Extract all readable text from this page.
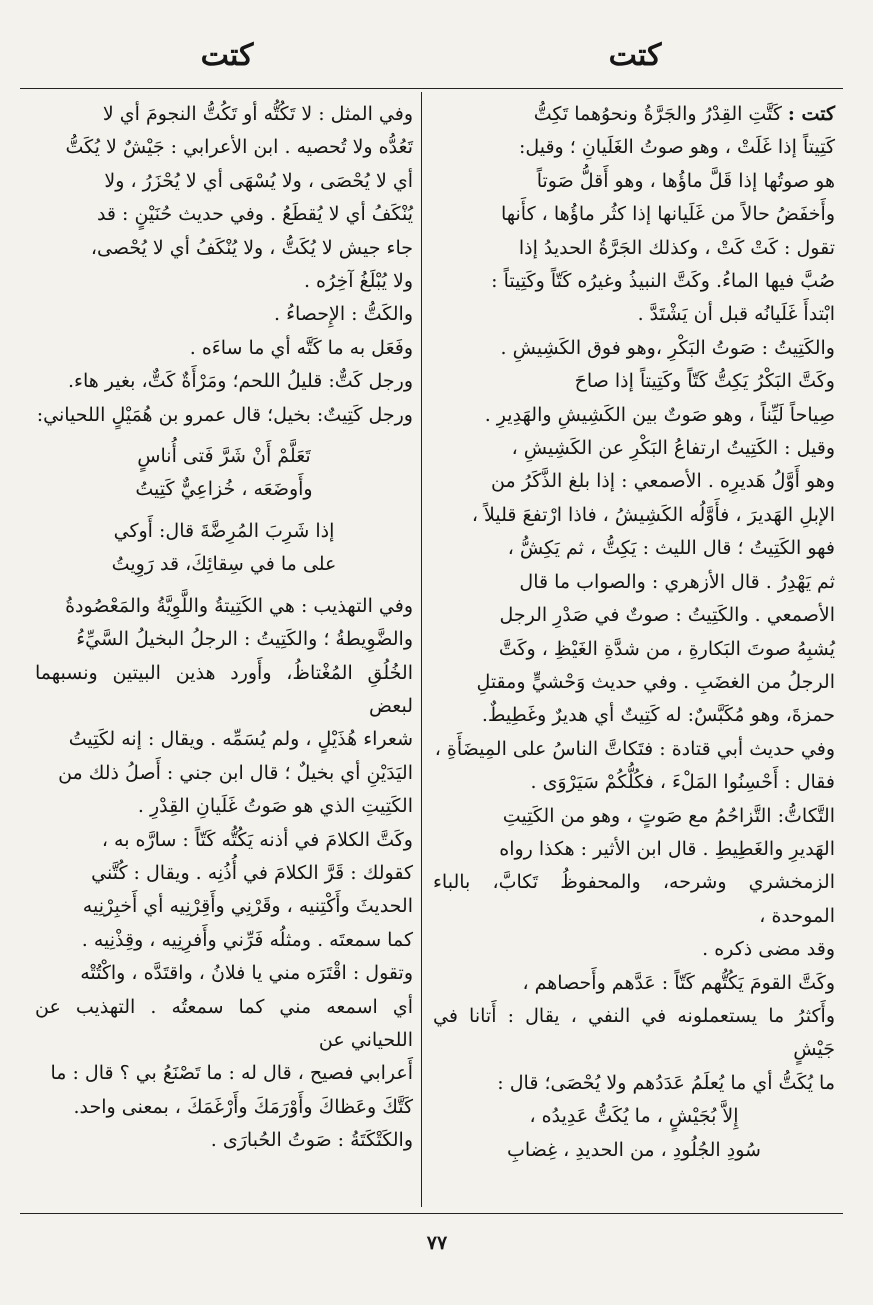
كتت
كتت

كتت : كَتَّتِ القِدْرُ والجَرَّةُ ونحوُهما تَكِتُّ

كَتِيتاً إذا غَلَتْ ، وهو صوتُ الغَلَيانِ ؛ وقيل:

هو صوتُها إذا قَلَّ ماؤُها ، وهو أَقلُّ صَوتاً

وأَخفَضُ حالاً من غَلَيانها إذا كثُر ماؤُها ، كأَنها

تقول : كَتْ كَتْ ، وكذلك الجَرَّةُ الحديدُ إذا

صُبَّ فيها الماءُ. وكَتَّ النبيذُ وغيرُه كَتّاً وكَتِيتاً :

ابْتدأَ غَلَيانُه قبل أن يَشْتَدَّ .

والكَتِيتُ : صَوتُ البَكْرِ ،وهو فوق الكَشِيشِ .

وكَتَّ البَكْرُ يَكِتُّ كَتّاً وكَتِيتاً إذا صاحَ

صِياحاً لَيِّناً ، وهو صَوتٌ بين الكَشِيشِ والهَدِيرِ .

وقيل : الكَتِيتُ ارتفاعُ البَكْرِ عن الكَشِيشِ ،

وهو أَوَّلُ هَديرِه . الأصمعي : إذا بلغ الذَّكَرُ من

الإبلِ الهَديرَ ، فأَوَّلُه الكَشِيشُ ، فاذا ارْتفعَ قليلاً ،

فهو الكَتِيتُ ؛ قال الليث : يَكِتُّ ، ثم يَكِشُّ ،

ثم يَهْدِرُ . قال الأزهري : والصواب ما قال

الأصمعي . والكَتِيتُ : صوتٌ في صَدْرِ الرجل

يُشبِهُ صوتَ البَكارةِ ، من شدَّةِ الغَيْظِ ، وكَتَّ

الرجلُ من الغضَبِ . وفي حديث وَحْشيٍّ ومقتلِ

حمزةَ، وهو مُكَبَّسٌ: له كَتِيتٌ أي هديرٌ وغَطِيطٌ.

وفي حديث أبي قتادة : فتَكاتَّ الناسُ على المِيضَأَةِ ،

فقال : أَحْسِنُوا المَلْءَ ، فكُلُّكُمْ سَيَرْوَى .

التَّكاتُّ: التَّزاحُمُ مع صَوتٍ ، وهو من الكَتِيتِ

الهَديرِ والغَطِيطِ . قال ابن الأثير : هكذا رواه

الزمخشري وشرحه، والمحفوظُ تَكابَّ، بالباء الموحدة ،

وقد مضى ذكره .

وكَتَّ القومَ يَكُتُّهم كَتّاً : عَدَّهم وأَحصاهم ،

وأَكثرُ ما يستعملونه في النفي ، يقال : أَتانا في جَيْشٍ

ما يُكَتُّ أي ما يُعلَمُ عَدَدُهم ولا يُحْصَى؛ قال :

إِلاَّ بُجَيْشٍ ، ما يُكَتُّ عَدِيدُه ،

سُودِ الجُلُودِ ، من الحديدِ ، غِضابِ

وفي المثل : لا تَكُتُّه أو تَكُتُّ النجومَ أي لا

تَعُدُّه ولا تُحصيه . ابن الأعرابي : جَيْشٌ لا يُكَتُّ

أي لا يُحْصَى ، ولا يُسْهَى أي لا يُحْزَرُ ، ولا

يُنْكَفُ أي لا يُقطَعُ . وفي حديث حُنَيْنٍ : قد

جاء جيش لا يُكَتُّ ، ولا يُنْكَفُ أي لا يُحْصى،

ولا يُبْلَغُ آخِرُه .

والكَتُّ : الإِحصاءُ .

وفَعَل به ما كَتَّه أي ما ساءَه .

ورجل كَتٌّ: قليلُ اللحم؛ ومَرْأَةٌ كَتٌّ، بغير هاء.

ورجل كَتِيتٌ: بخيل؛ قال عمرو بن هُمَيْلٍ اللحياني:

تَعَلَّمْ أَنْ شَرَّ فَتى أُناسٍ

وأَوضَعَه ، خُزاعِيٌّ كَتِيتُ

إذا شَرِبَ المُرِضَّةَ قال: أَوكي

على ما في سِقائِكَ، قد رَوِيتُ

وفي التهذيب : هي الكَتِيتةُ واللَّوِيَّةُ والمَعْصُودةُ

والضَّوِيطةُ ؛ والكَتِيتُ : الرجلُ البخيلُ السَّيِّءُ

الخُلُقِ المُغْتاظُ، وأَورد هذين البيتين ونسبهما لبعض

شعراء هُذَيْلٍ ، ولم يُسَمِّه . ويقال : إنه لكَتِيتُ

اليَدَيْنِ أي بخيلٌ ؛ قال ابن جني : أَصلُ ذلك من

الكَتِيتِ الذي هو صَوتُ غَلَيانِ القِدْرِ .

وكَتَّ الكلامَ في أذنه يَكُتُّه كَتّاً : سارَّه به ،

كقولك : قَرَّ الكلامَ في أُذُنِه . ويقال : كُتَّني

الحديثَ وأَكْتِنيه ، وقَرْنِي وأَقِرْنِيه أي أَخبِرْنِيه

كما سمعتَه . ومثلُه فَرِّني وأَفرِنِيه ، وقِذْنِيه .

وتقول : اقْتَرَه مني يا فلانُ ، واقتَدَّه ، واكْتُتْه

أي اسمعه مني كما سمعتُه . التهذيب عن اللحياني عن

أَعرابي فصيح ، قال له : ما تَصْنَعُ بي ؟ قال : ما

كَتَّكَ وعَظاكَ وأَوْرَمَكَ وأَرْغَمَكَ ، بمعنى واحد.

والكَتْكَتَةُ : صَوتُ الحُبارَى .

٧٧
